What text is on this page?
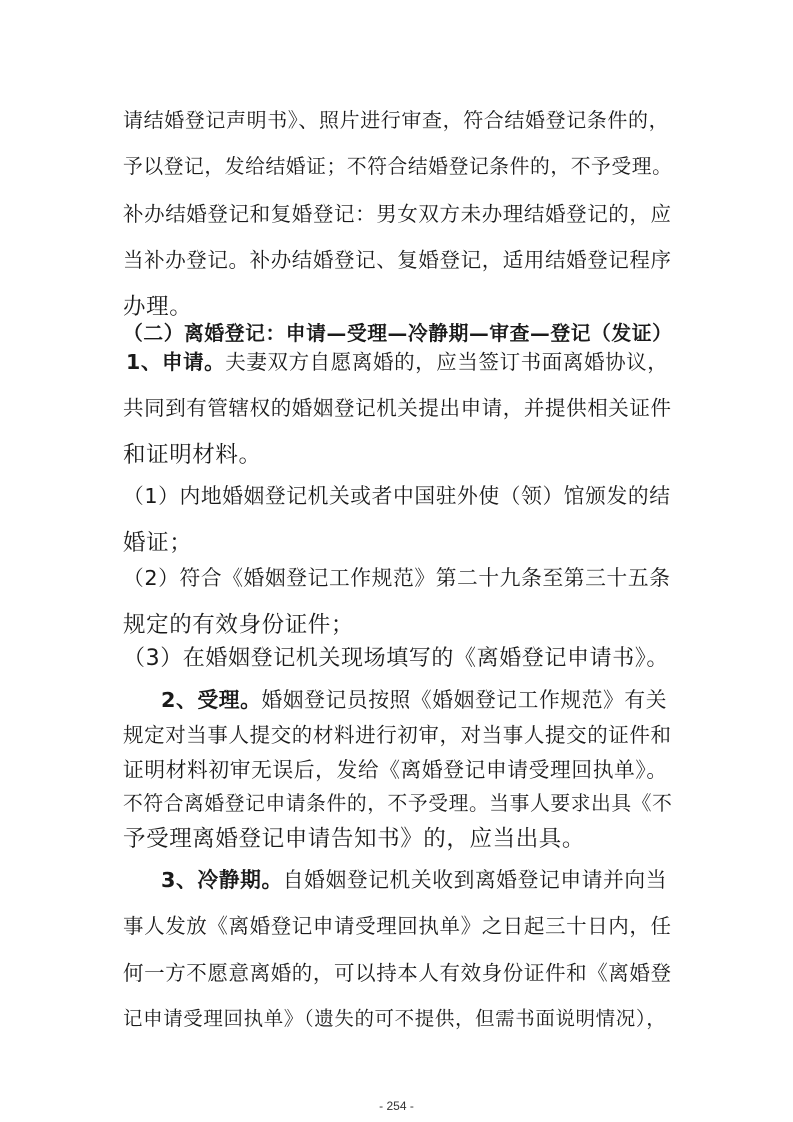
请结婚登记声明书》、照片进行审查，符合结婚登记条件的，
予以登记，发给结婚证；不符合结婚登记条件的，不予受理。
补办结婚登记和复婚登记：男女双方未办理结婚登记的，应
当补办登记。补办结婚登记、复婚登记，适用结婚登记程序
办理。
（二）离婚登记：申请—受理—冷静期—审查—登记（发证）
1、申请。夫妻双方自愿离婚的，应当签订书面离婚协议，
共同到有管辖权的婚姻登记机关提出申请，并提供相关证件
和证明材料。
（1）内地婚姻登记机关或者中国驻外使（领）馆颁发的结
婚证；
（2）符合《婚姻登记工作规范》第二十九条至第三十五条
规定的有效身份证件；
（3）在婚姻登记机关现场填写的《离婚登记申请书》。
2、受理。婚姻登记员按照《婚姻登记工作规范》有关
规定对当事人提交的材料进行初审，对当事人提交的证件和
证明材料初审无误后，发给《离婚登记申请受理回执单》。
不符合离婚登记申请条件的，不予受理。当事人要求出具《不
予受理离婚登记申请告知书》的，应当出具。
3、冷静期。自婚姻登记机关收到离婚登记申请并向当
事人发放《离婚登记申请受理回执单》之日起三十日内，任
何一方不愿意离婚的，可以持本人有效身份证件和《离婚登
记申请受理回执单》（遗失的可不提供，但需书面说明情况），
- 254 -
